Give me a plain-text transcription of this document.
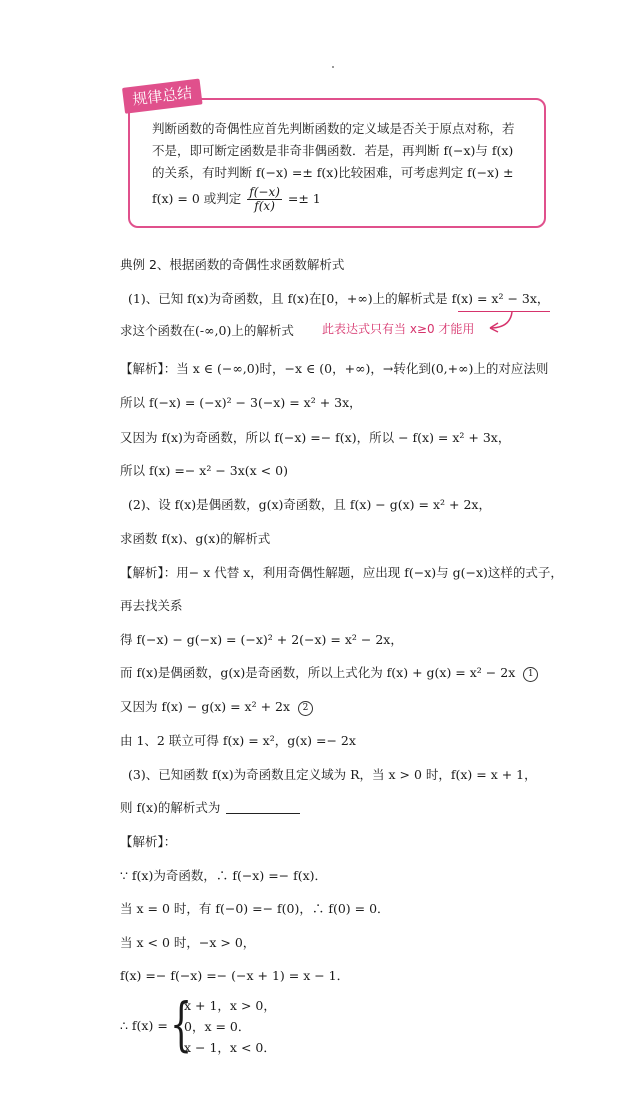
规律总结
判断函数的奇偶性应首先判断函数的定义域是否关于原点对称，若
不是，即可断定函数是非奇非偶函数．若是，再判断 f(−x)与 f(x)
的关系，有时判断 f(−x) =± f(x)比较困难，可考虑判定 f(−x) ±
f(x) = 0 或判定 $\frac{f(-x)}{f(x)} =\pm 1$
典例 2、根据函数的奇偶性求函数解析式
(1)、已知 f(x)为奇函数，且 f(x)在[0，+∞)上的解析式是 f(x) = x² − 3x，
求这个函数在(-∞,0)上的解析式 此表达式只有当 x≥0 才能用
【解析】：当 x ∈ (−∞,0)时，−x ∈ (0，+∞)，→转化到(0,+∞)上的对应法则
所以 f(−x) = (−x)² − 3(−x) = x² + 3x，
又因为 f(x)为奇函数，所以 f(−x) =− f(x)，所以 − f(x) = x² + 3x，
所以 f(x) =− x² − 3x(x < 0)
(2)、设 f(x)是偶函数，g(x)奇函数，且 f(x) − g(x) = x² + 2x，
求函数 f(x)、g(x)的解析式
【解析】：用− x 代替 x，利用奇偶性解题，应出现 f(−x)与 g(−x)这样的式子，
再去找关系
得 f(−x) − g(−x) = (−x)² + 2(−x) = x² − 2x，
而 f(x)是偶函数，g(x)是奇函数，所以上式化为 f(x) + g(x) = x² − 2x 1
又因为 f(x) − g(x) = x² + 2x 2
由 1、2 联立可得 f(x) = x²，g(x) =− 2x
(3)、已知函数 f(x)为奇函数且定义域为 R，当 x > 0 时，f(x) = x + 1，
则 f(x)的解析式为
【解析】：
∵ f(x)为奇函数，∴ f(−x) =− f(x)．
当 x = 0 时，有 f(−0) =− f(0)，∴ f(0) = 0．
当 x < 0 时，−x > 0，
f(x) =− f(−x) =− (−x + 1) = x − 1．
∴ f(x) = {
x + 1，x > 0，
0，x = 0．
x − 1，x < 0．
